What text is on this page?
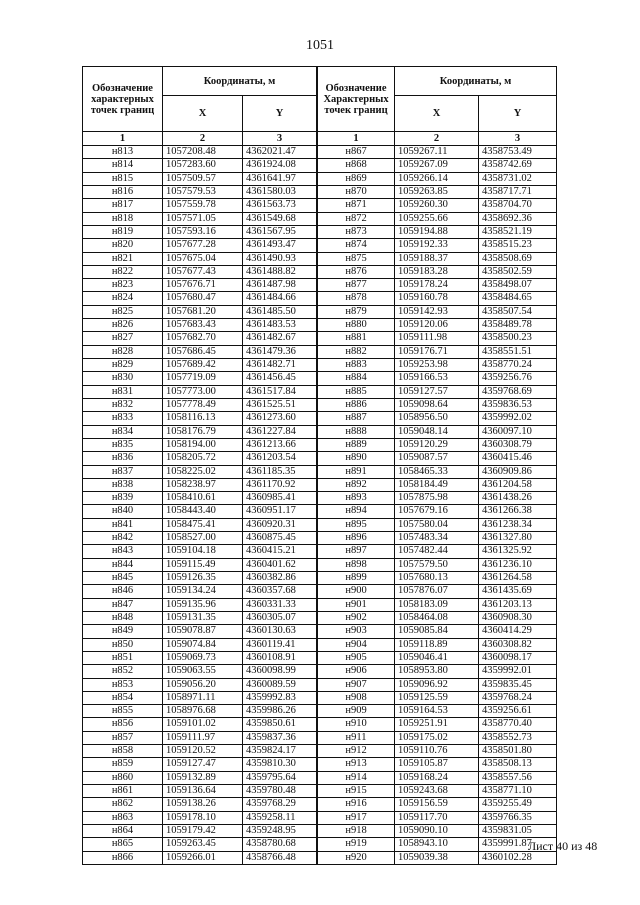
1051
Обозначение характерных точек границ	Координаты, м	
	X	Y
1	2	3
н813	1057208.48	4362021.47
н814	1057283.60	4361924.08
н815	1057509.57	4361641.97
н816	1057579.53	4361580.03
н817	1057559.78	4361563.73
н818	1057571.05	4361549.68
н819	1057593.16	4361567.95
н820	1057677.28	4361493.47
н821	1057675.04	4361490.93
н822	1057677.43	4361488.82
н823	1057676.71	4361487.98
н824	1057680.47	4361484.66
н825	1057681.20	4361485.50
н826	1057683.43	4361483.53
н827	1057682.70	4361482.67
н828	1057686.45	4361479.36
н829	1057689.42	4361482.71
н830	1057719.09	4361456.45
н831	1057773.00	4361517.84
н832	1057778.49	4361525.51
н833	1058116.13	4361273.60
н834	1058176.79	4361227.84
н835	1058194.00	4361213.66
н836	1058205.72	4361203.54
н837	1058225.02	4361185.35
н838	1058238.97	4361170.92
н839	1058410.61	4360985.41
н840	1058443.40	4360951.17
н841	1058475.41	4360920.31
н842	1058527.00	4360875.45
н843	1059104.18	4360415.21
н844	1059115.49	4360401.62
н845	1059126.35	4360382.86
н846	1059134.24	4360357.68
н847	1059135.96	4360331.33
н848	1059131.35	4360305.07
н849	1059078.87	4360130.63
н850	1059074.84	4360119.41
н851	1059069.73	4360108.91
н852	1059063.55	4360098.99
н853	1059056.20	4360089.59
н854	1058971.11	4359992.83
н855	1058976.68	4359986.26
н856	1059101.02	4359850.61
н857	1059111.97	4359837.36
н858	1059120.52	4359824.17
н859	1059127.47	4359810.30
н860	1059132.89	4359795.64
н861	1059136.64	4359780.48
н862	1059138.26	4359768.29
н863	1059178.10	4359258.11
н864	1059179.42	4359248.95
н865	1059263.45	4358780.68
н866	1059266.01	4358766.48
Обозначение Характерных точек границ	Координаты, м	
	X	Y
1	2	3
н867	1059267.11	4358753.49
н868	1059267.09	4358742.69
н869	1059266.14	4358731.02
н870	1059263.85	4358717.71
н871	1059260.30	4358704.70
н872	1059255.66	4358692.36
н873	1059194.88	4358521.19
н874	1059192.33	4358515.23
н875	1059188.37	4358508.69
н876	1059183.28	4358502.59
н877	1059178.24	4358498.07
н878	1059160.78	4358484.65
н879	1059142.93	4358507.54
н880	1059120.06	4358489.78
н881	1059111.98	4358500.23
н882	1059176.71	4358551.51
н883	1059253.98	4358770.24
н884	1059166.53	4359256.76
н885	1059127.57	4359768.69
н886	1059098.64	4359836.53
н887	1058956.50	4359992.02
н888	1059048.14	4360097.10
н889	1059120.29	4360308.79
н890	1059087.57	4360415.46
н891	1058465.33	4360909.86
н892	1058184.49	4361204.58
н893	1057875.98	4361438.26
н894	1057679.16	4361266.38
н895	1057580.04	4361238.34
н896	1057483.34	4361327.80
н897	1057482.44	4361325.92
н898	1057579.50	4361236.10
н899	1057680.13	4361264.58
н900	1057876.07	4361435.69
н901	1058183.09	4361203.13
н902	1058464.08	4360908.30
н903	1059085.84	4360414.29
н904	1059118.89	4360308.82
н905	1059046.41	4360098.17
н906	1058953.80	4359992.01
н907	1059096.92	4359835.45
н908	1059125.59	4359768.24
н909	1059164.53	4359256.61
н910	1059251.91	4358770.40
н911	1059175.02	4358552.73
н912	1059110.76	4358501.80
н913	1059105.87	4358508.13
н914	1059168.24	4358557.56
н915	1059243.68	4358771.10
н916	1059156.59	4359255.49
н917	1059117.70	4359766.35
н918	1059090.10	4359831.05
н919	1058943.10	4359991.87
н920	1059039.38	4360102.28
Лист 40 из 48
